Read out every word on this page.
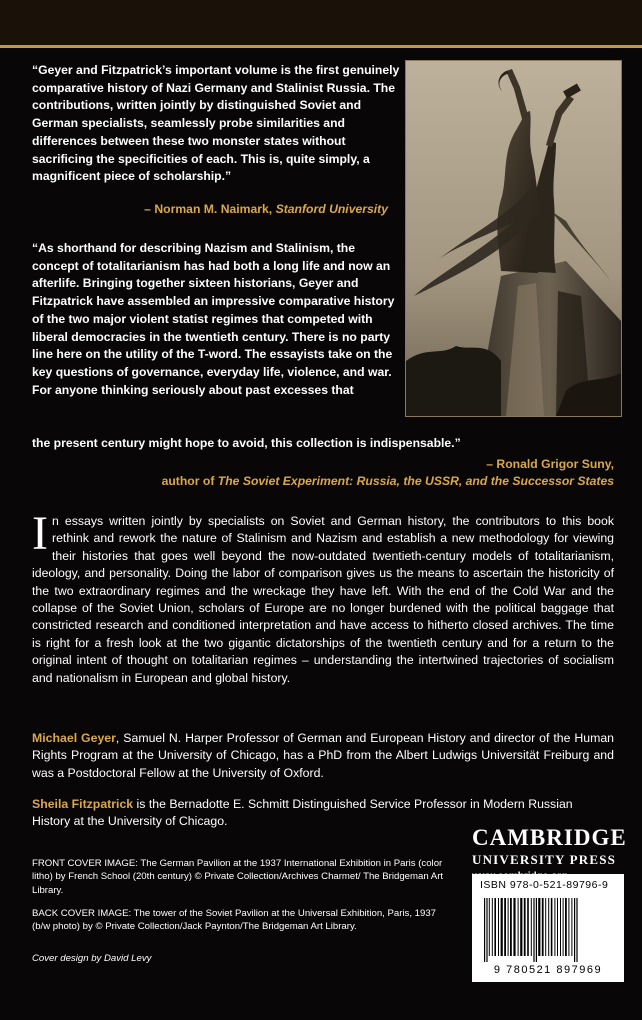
“Geyer and Fitzpatrick’s important volume is the first genuinely comparative history of Nazi Germany and Stalinist Russia. The contributions, written jointly by distinguished Soviet and German specialists, seamlessly probe similarities and differences between these two monster states without sacrificing the specificities of each. This is, quite simply, a magnificent piece of scholarship.”
– Norman M. Naimark, Stanford University
“As shorthand for describing Nazism and Stalinism, the concept of totalitarianism has had both a long life and now an afterlife. Bringing together sixteen historians, Geyer and Fitzpatrick have assembled an impressive comparative history of the two major violent statist regimes that competed with liberal democracies in the twentieth century. There is no party line here on the utility of the T-word. The essayists take on the key questions of governance, everyday life, violence, and war. For anyone thinking seriously about past excesses that
the present century might hope to avoid, this collection is indispensable.”
– Ronald Grigor Suny,
author of The Soviet Experiment: Russia, the USSR, and the Successor States
In essays written jointly by specialists on Soviet and German history, the contributors to this book rethink and rework the nature of Stalinism and Nazism and establish a new methodology for viewing their histories that goes well beyond the now-outdated twentieth-century models of totalitarianism, ideology, and personality. Doing the labor of comparison gives us the means to ascertain the historicity of the two extraordinary regimes and the wreckage they have left. With the end of the Cold War and the collapse of the Soviet Union, scholars of Europe are no longer burdened with the political baggage that constricted research and conditioned interpretation and have access to hitherto closed archives. The time is right for a fresh look at the two gigantic dictatorships of the twentieth century and for a return to the original intent of thought on totalitarian regimes – understanding the intertwined trajectories of socialism and nationalism in European and global history.
Michael Geyer, Samuel N. Harper Professor of German and European History and director of the Human Rights Program at the University of Chicago, has a PhD from the Albert Ludwigs Universität Freiburg and was a Postdoctoral Fellow at the University of Oxford.
Sheila Fitzpatrick is the Bernadotte E. Schmitt Distinguished Service Professor in Modern Russian History at the University of Chicago.
FRONT COVER IMAGE: The German Pavilion at the 1937 International Exhibition in Paris (color litho) by French School (20th century) © Private Collection/Archives Charmet/ The Bridgeman Art Library.
BACK COVER IMAGE: The tower of the Soviet Pavilion at the Universal Exhibition, Paris, 1937 (b/w photo) by © Private Collection/Jack Paynton/The Bridgeman Art Library.
Cover design by David Levy
CAMBRIDGE
UNIVERSITY PRESS
ISBN 978-0-521-89796-9
9 780521 897969
